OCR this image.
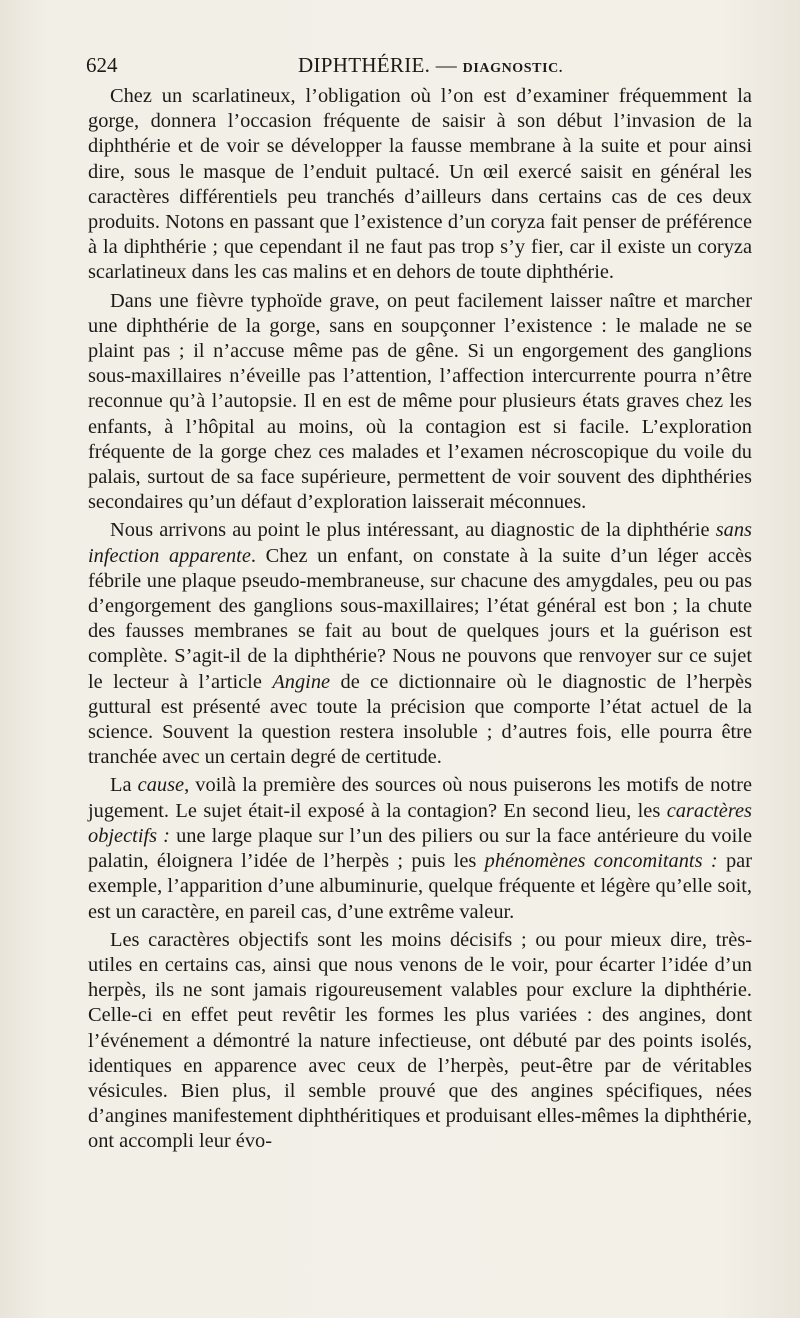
624	DIPHTHÉRIE. — DIAGNOSTIC.

Chez un scarlatineux, l’obligation où l’on est d’examiner fréquemment la gorge, donnera l’occasion fréquente de saisir à son début l’invasion de la diphthérie et de voir se développer la fausse membrane à la suite et pour ainsi dire, sous le masque de l’enduit pultacé. Un œil exercé saisit en général les caractères différentiels peu tranchés d’ailleurs dans certains cas de ces deux produits. Notons en passant que l’existence d’un coryza fait penser de préférence à la diphthérie ; que cependant il ne faut pas trop s’y fier, car il existe un coryza scarlatineux dans les cas malins et en dehors de toute diphthérie.

Dans une fièvre typhoïde grave, on peut facilement laisser naître et marcher une diphthérie de la gorge, sans en soupçonner l’existence : le malade ne se plaint pas ; il n’accuse même pas de gêne. Si un engorgement des ganglions sous-maxillaires n’éveille pas l’attention, l’affection intercurrente pourra n’être reconnue qu’à l’autopsie. Il en est de même pour plusieurs états graves chez les enfants, à l’hôpital au moins, où la contagion est si facile. L’exploration fréquente de la gorge chez ces malades et l’examen nécroscopique du voile du palais, surtout de sa face supérieure, permettent de voir souvent des diphthéries secondaires qu’un défaut d’exploration laisserait méconnues.

Nous arrivons au point le plus intéressant, au diagnostic de la diphthérie sans infection apparente. Chez un enfant, on constate à la suite d’un léger accès fébrile une plaque pseudo-membraneuse, sur chacune des amygdales, peu ou pas d’engorgement des ganglions sous-maxillaires; l’état général est bon ; la chute des fausses membranes se fait au bout de quelques jours et la guérison est complète. S’agit-il de la diphthérie? Nous ne pouvons que renvoyer sur ce sujet le lecteur à l’article Angine de ce dictionnaire où le diagnostic de l’herpès guttural est présenté avec toute la précision que comporte l’état actuel de la science. Souvent la question restera insoluble ; d’autres fois, elle pourra être tranchée avec un certain degré de certitude.

La cause, voilà la première des sources où nous puiserons les motifs de notre jugement. Le sujet était-il exposé à la contagion? En second lieu, les caractères objectifs : une large plaque sur l’un des piliers ou sur la face antérieure du voile palatin, éloignera l’idée de l’herpès ; puis les phénomènes concomitants : par exemple, l’apparition d’une albuminurie, quelque fréquente et légère qu’elle soit, est un caractère, en pareil cas, d’une extrême valeur.

Les caractères objectifs sont les moins décisifs ; ou pour mieux dire, très-utiles en certains cas, ainsi que nous venons de le voir, pour écarter l’idée d’un herpès, ils ne sont jamais rigoureusement valables pour exclure la diphthérie. Celle-ci en effet peut revêtir les formes les plus variées : des angines, dont l’événement a démontré la nature infectieuse, ont débuté par des points isolés, identiques en apparence avec ceux de l’herpès, peut-être par de véritables vésicules. Bien plus, il semble prouvé que des angines spécifiques, nées d’angines manifestement diphthéritiques et produisant elles-mêmes la diphthérie, ont accompli leur évo-
